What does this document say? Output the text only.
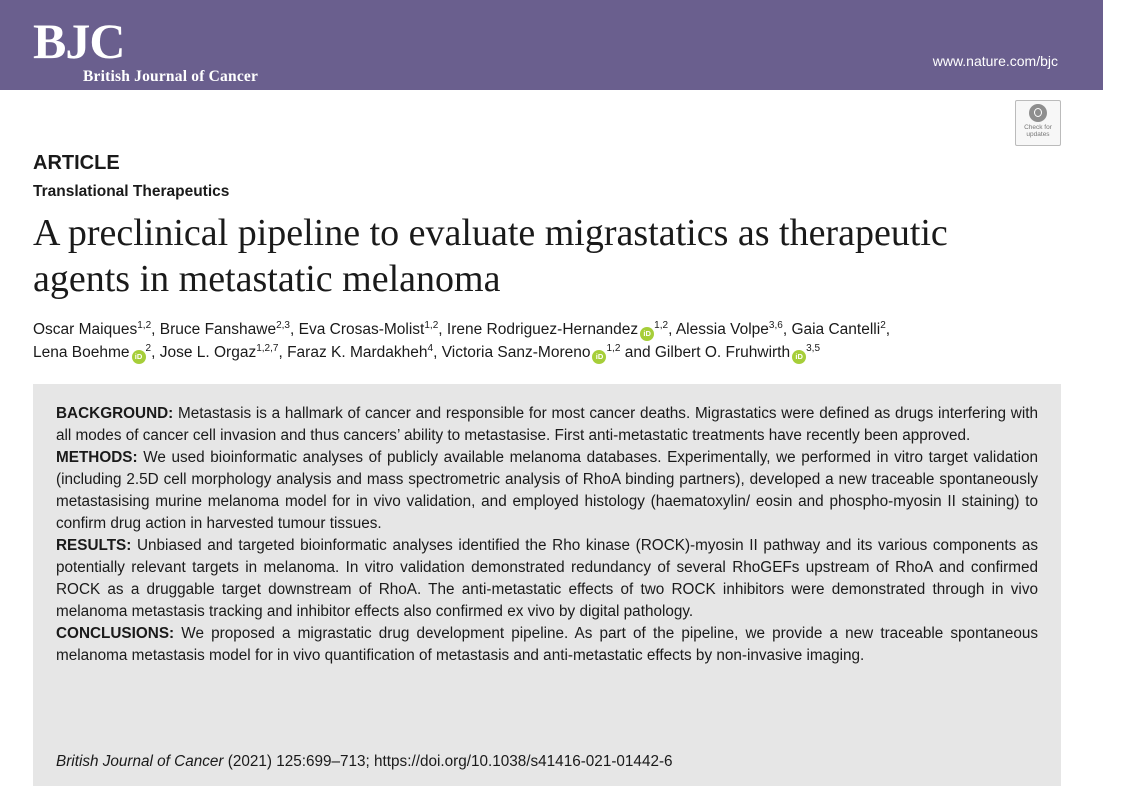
BJC
British Journal of Cancer
www.nature.com/bjc
Check for updates
ARTICLE
Translational Therapeutics
A preclinical pipeline to evaluate migrastatics as therapeutic
agents in metastatic melanoma
Oscar Maiques$^{1,2}$, Bruce Fanshawe$^{2,3}$, Eva Crosas-Molist$^{1,2}$, Irene Rodriguez-Hernandez iD$^{1,2}$, Alessia Volpe$^{3,6}$, Gaia Cantelli$^2$,
Lena Boehme $iD^2$, Jose L. Orgaz$^{1,2,7}$, Faraz K. Mardakheh$^4$, Victoria Sanz-Moreno iD$^{1,2}$ and Gilbert O. Fruhwirth iD$^{3,5}$

BACKGROUND: Metastasis is a hallmark of cancer and responsible for most cancer deaths. Migrastatics were defined as drugs interfering with all modes of cancer cell invasion and thus cancers’ ability to metastasise. First anti-metastatic treatments have recently been approved.

METHODS: We used bioinformatic analyses of publicly available melanoma databases. Experimentally, we performed in vitro target validation (including 2.5D cell morphology analysis and mass spectrometric analysis of RhoA binding partners), developed a new traceable spontaneously metastasising murine melanoma model for in vivo validation, and employed histology (haematoxylin/ eosin and phospho-myosin II staining) to confirm drug action in harvested tumour tissues.

RESULTS: Unbiased and targeted bioinformatic analyses identified the Rho kinase (ROCK)-myosin II pathway and its various components as potentially relevant targets in melanoma. In vitro validation demonstrated redundancy of several RhoGEFs upstream of RhoA and confirmed ROCK as a druggable target downstream of RhoA. The anti-metastatic effects of two ROCK inhibitors were demonstrated through in vivo melanoma metastasis tracking and inhibitor effects also confirmed ex vivo by digital pathology.

CONCLUSIONS: We proposed a migrastatic drug development pipeline. As part of the pipeline, we provide a new traceable spontaneous melanoma metastasis model for in vivo quantification of metastasis and anti-metastatic effects by non-invasive imaging.

British Journal of Cancer (2021) 125:699–713; https://doi.org/10.1038/s41416-021-01442-6
